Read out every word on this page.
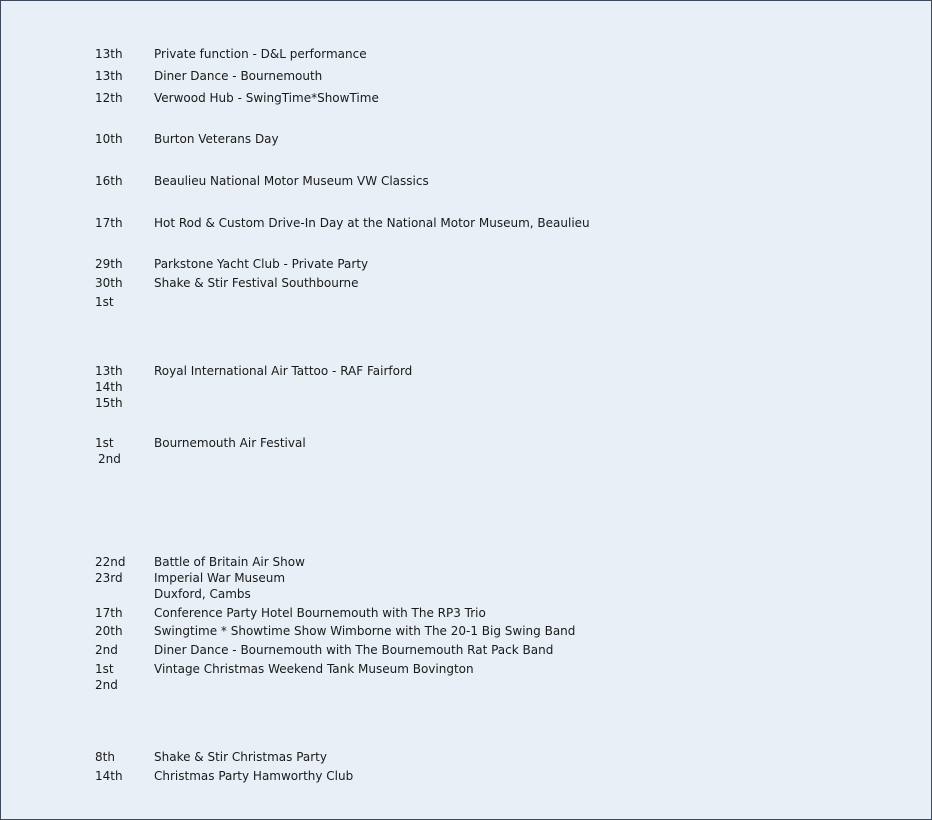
13th	Private function - D&L performance
13th	Diner Dance - Bournemouth
12th	Verwood Hub - SwingTime*ShowTime
10th	Burton Veterans Day
16th	Beaulieu National Motor Museum VW Classics
17th	Hot Rod & Custom Drive-In Day at the National Motor Museum, Beaulieu
29th	Parkstone Yacht Club - Private Party
30th	Shake & Stir Festival Southbourne
1st
13th	Royal International Air Tattoo - RAF Fairford
14th
15th
1st	Bournemouth Air Festival
2nd
22nd Battle of Britain Air Show
23rd	Imperial War Museum
Duxford, Cambs
17th	Conference Party Hotel Bournemouth with The RP3 Trio
20th	Swingtime * Showtime Show Wimborne with The 20-1 Big Swing Band
2nd	Diner Dance - Bournemouth with The Bournemouth Rat Pack Band
1st	Vintage Christmas Weekend Tank Museum Bovington
2nd
8th	Shake & Stir Christmas Party
14th	Christmas Party Hamworthy Club
